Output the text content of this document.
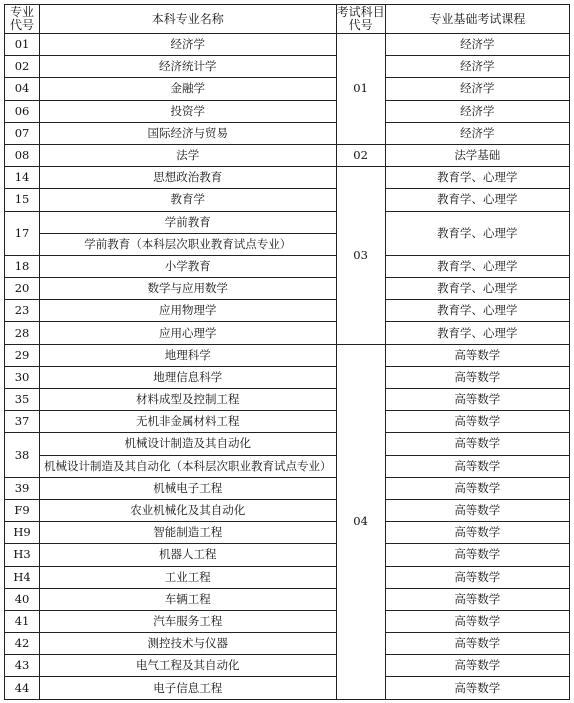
专业代号	本科专业名称	考试科目代号	专业基础考试课程
01	经济学	01	经济学
02	经济统计学		经济学
04	金融学		经济学
06	投资学		经济学
07	国际经济与贸易		经济学
08	法学	02	法学基础
14	思想政治教育	03	教育学、心理学
15	教育学		教育学、心理学
17	学前教育		教育学、心理学
	学前教育（本科层次职业教育试点专业）		
18	小学教育		教育学、心理学
20	数学与应用数学		教育学、心理学
23	应用物理学		教育学、心理学
28	应用心理学		教育学、心理学
29	地理科学	04	高等数学
30	地理信息科学		高等数学
35	材料成型及控制工程		高等数学
37	无机非金属材料工程		高等数学
38	机械设计制造及其自动化		高等数学
	机械设计制造及其自动化（本科层次职业教育试点专业）		高等数学
39	机械电子工程		高等数学
F9	农业机械化及其自动化		高等数学
H9	智能制造工程		高等数学
H3	机器人工程		高等数学
H4	工业工程		高等数学
40	车辆工程		高等数学
41	汽车服务工程		高等数学
42	测控技术与仪器		高等数学
43	电气工程及其自动化		高等数学
44	电子信息工程		高等数学
